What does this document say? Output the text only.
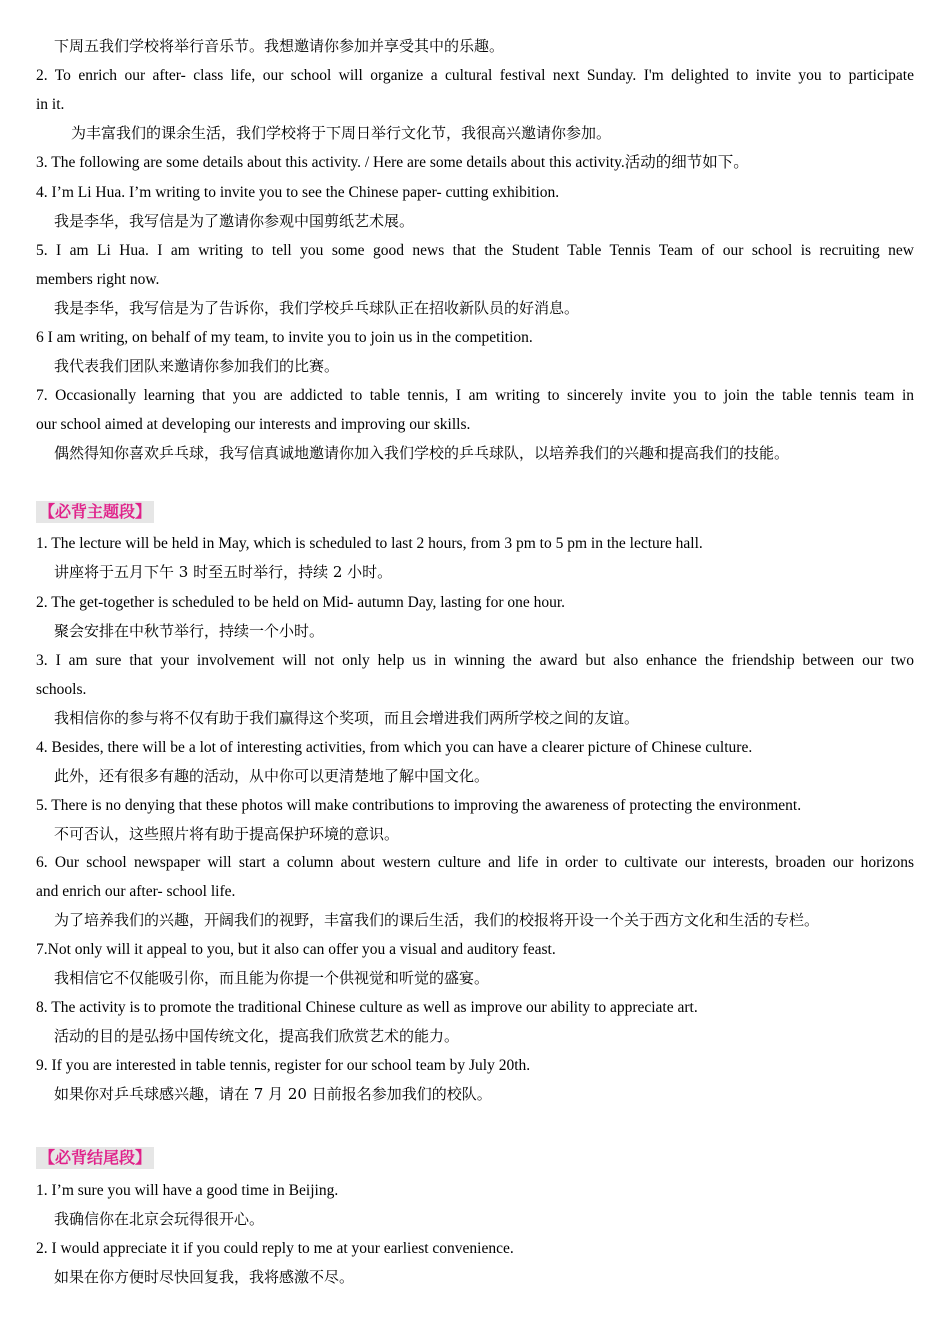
下周五我们学校将举行音乐节。我想邀请你参加并享受其中的乐趣。
2. To enrich our after- class life, our school will organize a cultural festival next Sunday. I'm delighted to invite you to participate
in it.
为丰富我们的课余生活，我们学校将于下周日举行文化节，我很高兴邀请你参加。
3. The following are some details about this activity. / Here are some details about this activity.活动的细节如下。
4. I’m Li Hua. I’m writing to invite you to see the Chinese paper- cutting exhibition.
我是李华，我写信是为了邀请你参观中国剪纸艺术展。
5. I am Li Hua. I am writing to tell you some good news that the Student Table Tennis Team of our school is recruiting new
members right now.
我是李华，我写信是为了告诉你，我们学校乒乓球队正在招收新队员的好消息。
6 I am writing, on behalf of my team, to invite you to join us in the competition.
我代表我们团队来邀请你参加我们的比赛。
7. Occasionally learning that you are addicted to table tennis, I am writing to sincerely invite you to join the table tennis team in
our school aimed at developing our interests and improving our skills.
偶然得知你喜欢乒乓球，我写信真诚地邀请你加入我们学校的乒乓球队，以培养我们的兴趣和提高我们的技能。
【必背主题段】
1. The lecture will be held in May, which is scheduled to last 2 hours, from 3 pm to 5 pm in the lecture hall.
讲座将于五月下午 3 时至五时举行，持续 2 小时。
2. The get-together is scheduled to be held on Mid- autumn Day, lasting for one hour.
聚会安排在中秋节举行，持续一个小时。
3. I am sure that your involvement will not only help us in winning the award but also enhance the friendship between our two
schools.
我相信你的参与将不仅有助于我们赢得这个奖项，而且会增进我们两所学校之间的友谊。
4. Besides, there will be a lot of interesting activities, from which you can have a clearer picture of Chinese culture.
此外，还有很多有趣的活动，从中你可以更清楚地了解中国文化。
5. There is no denying that these photos will make contributions to improving the awareness of protecting the environment.
不可否认，这些照片将有助于提高保护环境的意识。
6. Our school newspaper will start a column about western culture and life in order to cultivate our interests, broaden our horizons
and enrich our after- school life.
为了培养我们的兴趣，开阔我们的视野，丰富我们的课后生活，我们的校报将开设一个关于西方文化和生活的专栏。
7.Not only will it appeal to you, but it also can offer you a visual and auditory feast.
我相信它不仅能吸引你，而且能为你提一个供视觉和听觉的盛宴。
8. The activity is to promote the traditional Chinese culture as well as improve our ability to appreciate art.
活动的目的是弘扬中国传统文化，提高我们欣赏艺术的能力。
9. If you are interested in table tennis, register for our school team by July 20th.
如果你对乒乓球感兴趣，请在 7 月 20 日前报名参加我们的校队。
【必背结尾段】
1. I’m sure you will have a good time in Beijing.
我确信你在北京会玩得很开心。
2. I would appreciate it if you could reply to me at your earliest convenience.
如果在你方便时尽快回复我，我将感激不尽。
